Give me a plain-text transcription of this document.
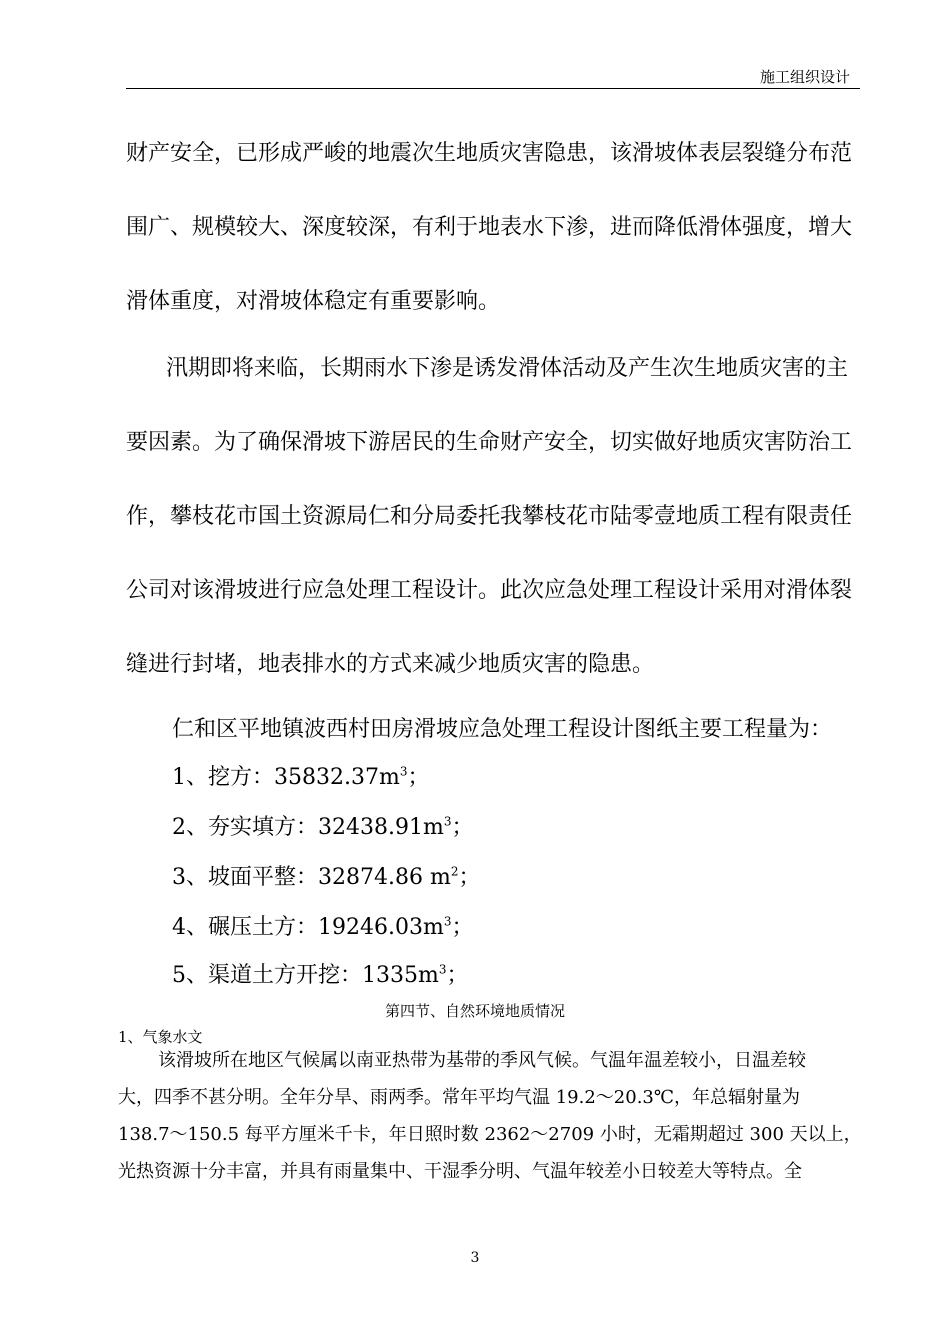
施工组织设计
财产安全，已形成严峻的地震次生地质灾害隐患，该滑坡体表层裂缝分布范
围广、规模较大、深度较深，有利于地表水下渗，进而降低滑体强度，增大
滑体重度，对滑坡体稳定有重要影响。
汛期即将来临，长期雨水下渗是诱发滑体活动及产生次生地质灾害的主
要因素。为了确保滑坡下游居民的生命财产安全，切实做好地质灾害防治工
作，攀枝花市国土资源局仁和分局委托我攀枝花市陆零壹地质工程有限责任
公司对该滑坡进行应急处理工程设计。此次应急处理工程设计采用对滑体裂
缝进行封堵，地表排水的方式来减少地质灾害的隐患。
仁和区平地镇波西村田房滑坡应急处理工程设计图纸主要工程量为：
1、挖方：$35832.37m^3$；
2、夯实填方：$32438.91m^3$；
3、坡面平整：32874.86 $m^2$；
4、碾压土方：$19246.03m^3$；
5、渠道土方开挖：$1335m^3$；
第四节、自然环境地质情况
1、气象水文
该滑坡所在地区气候属以南亚热带为基带的季风气候。气温年温差较小，日温差较
大，四季不甚分明。全年分旱、雨两季。常年平均气温 19.2～20.3℃，年总辐射量为
138.7～150.5 每平方厘米千卡，年日照时数 2362～2709 小时，无霜期超过 300 天以上，
光热资源十分丰富，并具有雨量集中、干湿季分明、气温年较差小日较差大等特点。全
3
